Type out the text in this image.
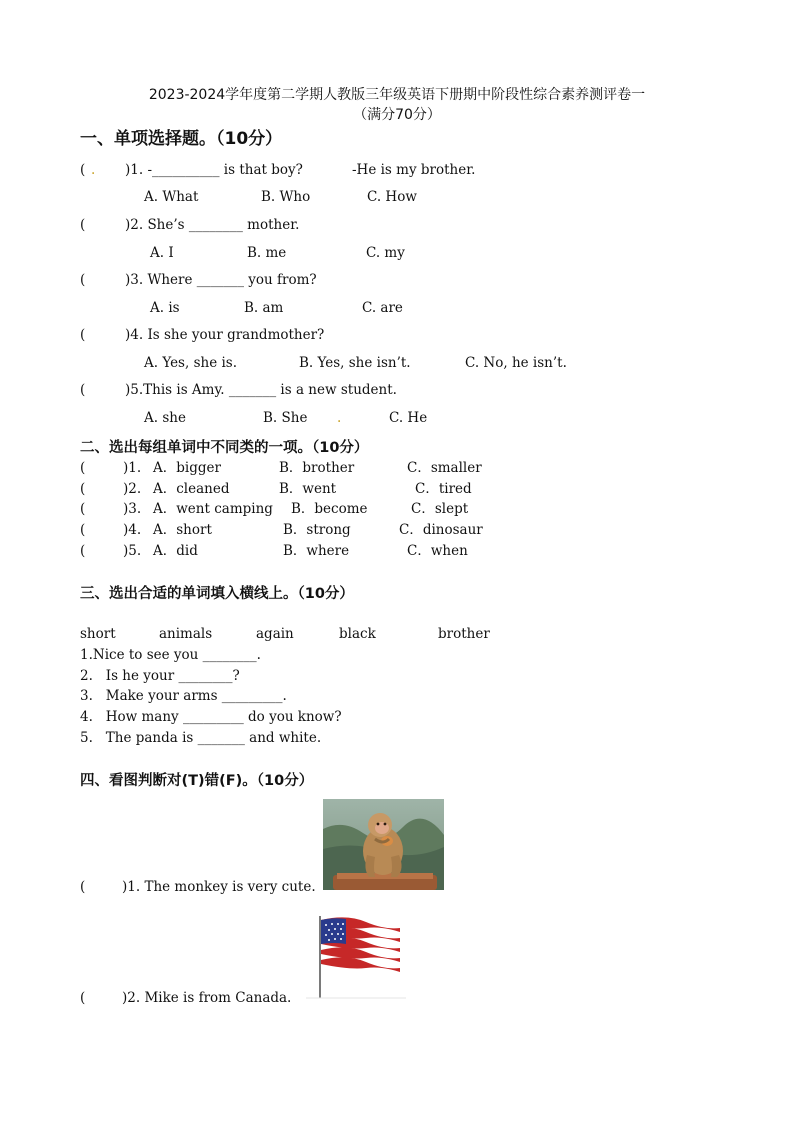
2023-2024学年度第二学期人教版三年级英语下册期中阶段性综合素养测评卷一
（满分70分）
一、单项选择题。（10分）
( . )1. -__________ is that boy?	-He is my brother.
A. What	B. Who	C. How
(	)2. She’s ________ mother.
A. I	B. me	C. my
(	)3. Where _______ you from?
A. is	B. am	C. are
(	)4. Is she your grandmother?
A. Yes, she is.	B. Yes, she isn’t.	C. No, he isn’t.
(	)5.This is Amy. _______ is a new student.
A. she	B. She .	C. He
二、选出每组单词中不同类的一项。（10分）
(	)1. A．bigger	B．brother	C．smaller
(	)2. A．cleaned	B．went	C．tired
(	)3. A．went camping B．become	C．slept
(	)4. A．short	B．strong	C．dinosaur
(	)5. A．did	B．where	C．when
三、选出合适的单词填入横线上。（10分）
short	animals	again	black	brother
1.Nice to see you ________.
2.   Is he your ________?
3.   Make your arms _________.
4.   How many _________ do you know?
5.   The panda is _______ and white.
四、看图判断对(T)错(F)。（10分）
(	)1. The monkey is very cute.
(	)2. Mike is from Canada.
